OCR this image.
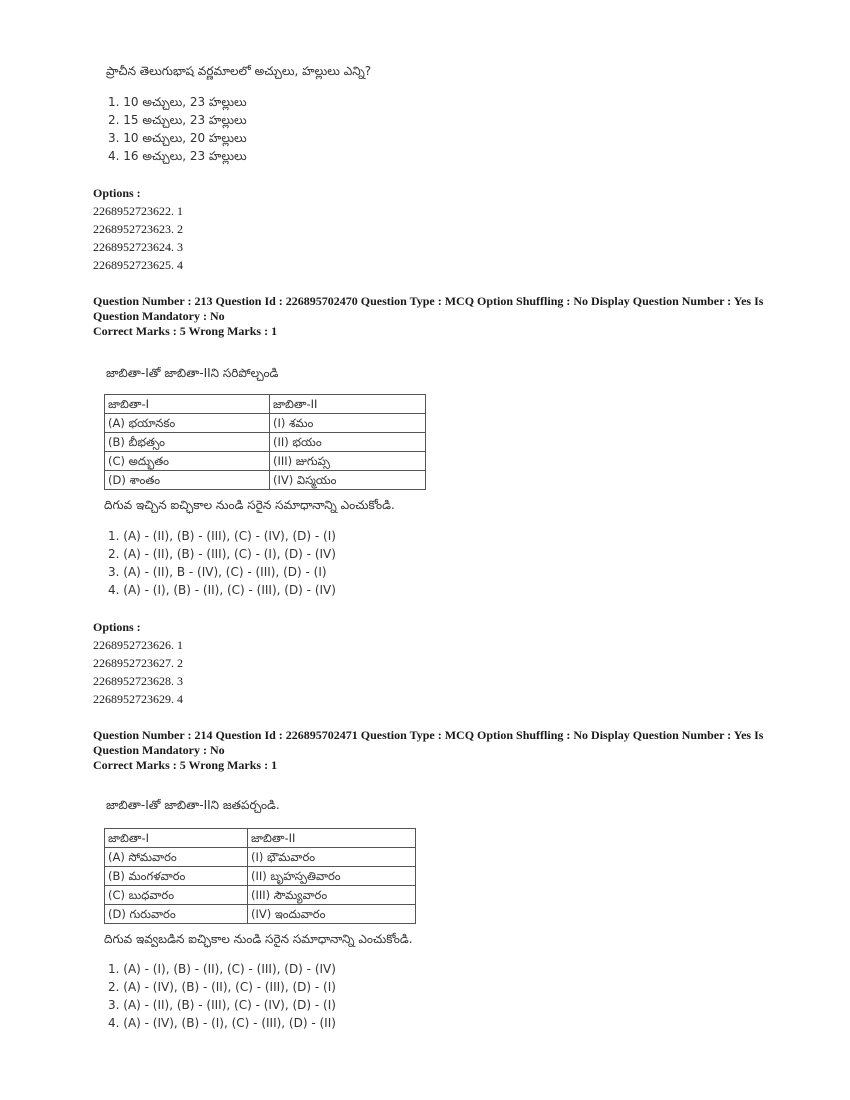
ప్రాచీన తెలుగుభాష వర్ణమాలలో అచ్చులు, హల్లులు ఎన్ని?
1. 10 అచ్చులు, 23 హల్లులు
2. 15 అచ్చులు, 23 హల్లులు
3. 10 అచ్చులు, 20 హల్లులు
4. 16 అచ్చులు, 23 హల్లులు
Options :
2268952723622. 1
2268952723623. 2
2268952723624. 3
2268952723625. 4
Question Number : 213 Question Id : 226895702470 Question Type : MCQ Option Shuffling : No Display Question Number : Yes Is Question Mandatory : No
Correct Marks : 5 Wrong Marks : 1
జాబితా-Iతో జాబితా-IIని సరిపోల్చండి
జాబితా-I	జాబితా-II
(A) భయానకం	(I) శమం
(B) బీభత్సం	(II) భయం
(C) అద్భుతం	(III) జుగుప్స
(D) శాంతం	(IV) విస్మయం
దిగువ ఇచ్చిన ఐచ్ఛికాల నుండి సరైన సమాధానాన్ని ఎంచుకోండి.
1. (A) - (II), (B) - (III), (C) - (IV), (D) - (I)
2. (A) - (II), (B) - (III), (C) - (I), (D) - (IV)
3. (A) - (II), B - (IV), (C) - (III), (D) - (I)
4. (A) - (I), (B) - (II), (C) - (III), (D) - (IV)
Options :
2268952723626. 1
2268952723627. 2
2268952723628. 3
2268952723629. 4
Question Number : 214 Question Id : 226895702471 Question Type : MCQ Option Shuffling : No Display Question Number : Yes Is Question Mandatory : No
Correct Marks : 5 Wrong Marks : 1
జాబితా-Iతో జాబితా-IIని జతపర్చండి.
జాబితా-I	జాబితా-II
(A) సోమవారం	(I) భౌమవారం
(B) మంగళవారం	(II) బృహస్పతివారం
(C) బుధవారం	(III) సౌమ్యవారం
(D) గురువారం	(IV) ఇందువారం
దిగువ ఇవ్వబడిన ఐచ్ఛికాల నుండి సరైన సమాధానాన్ని ఎంచుకోండి.
1. (A) - (I), (B) - (II), (C) - (III), (D) - (IV)
2. (A) - (IV), (B) - (II), (C) - (III), (D) - (I)
3. (A) - (II), (B) - (III), (C) - (IV), (D) - (I)
4. (A) - (IV), (B) - (I), (C) - (III), (D) - (II)
